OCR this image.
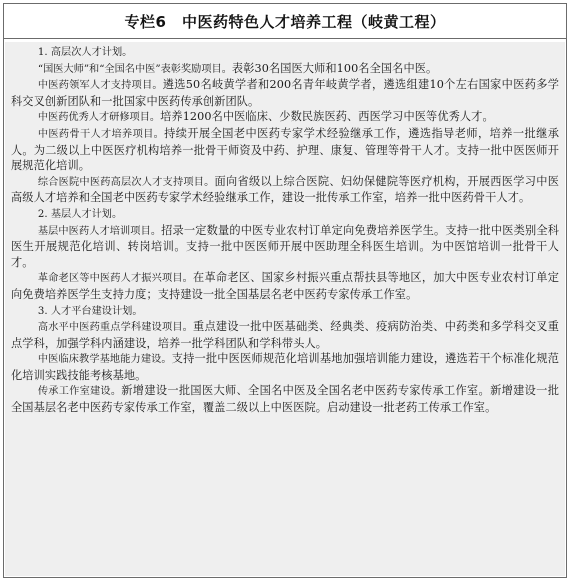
专栏6　中医药特色人才培养工程（岐黄工程）

1. 高层次人才计划。

“国医大师”和“全国名中医”表彰奖励项目。表彰30名国医大师和100名全国名中医。

中医药领军人才支持项目。遴选50名岐黄学者和200名青年岐黄学者，遴选组建10个左右国家中医药多学科交叉创新团队和一批国家中医药传承创新团队。

中医药优秀人才研修项目。培养1200名中医临床、少数民族医药、西医学习中医等优秀人才。

中医药骨干人才培养项目。持续开展全国老中医药专家学术经验继承工作，遴选指导老师，培养一批继承人。为二级以上中医医疗机构培养一批骨干师资及中药、护理、康复、管理等骨干人才。支持一批中医医师开展规范化培训。

综合医院中医药高层次人才支持项目。面向省级以上综合医院、妇幼保健院等医疗机构，开展西医学习中医高级人才培养和全国老中医药专家学术经验继承工作，建设一批传承工作室，培养一批中医药骨干人才。

2. 基层人才计划。

基层中医药人才培训项目。招录一定数量的中医专业农村订单定向免费培养医学生。支持一批中医类别全科医生开展规范化培训、转岗培训。支持一批中医医师开展中医助理全科医生培训。为中医馆培训一批骨干人才。

革命老区等中医药人才振兴项目。在革命老区、国家乡村振兴重点帮扶县等地区，加大中医专业农村订单定向免费培养医学生支持力度；支持建设一批全国基层名老中医药专家传承工作室。

3. 人才平台建设计划。

高水平中医药重点学科建设项目。重点建设一批中医基础类、经典类、疫病防治类、中药类和多学科交叉重点学科，加强学科内涵建设，培养一批学科团队和学科带头人。

中医临床教学基地能力建设。支持一批中医医师规范化培训基地加强培训能力建设，遴选若干个标准化规范化培训实践技能考核基地。

传承工作室建设。新增建设一批国医大师、全国名中医及全国名老中医药专家传承工作室。新增建设一批全国基层名老中医药专家传承工作室，覆盖二级以上中医医院。启动建设一批老药工传承工作室。
